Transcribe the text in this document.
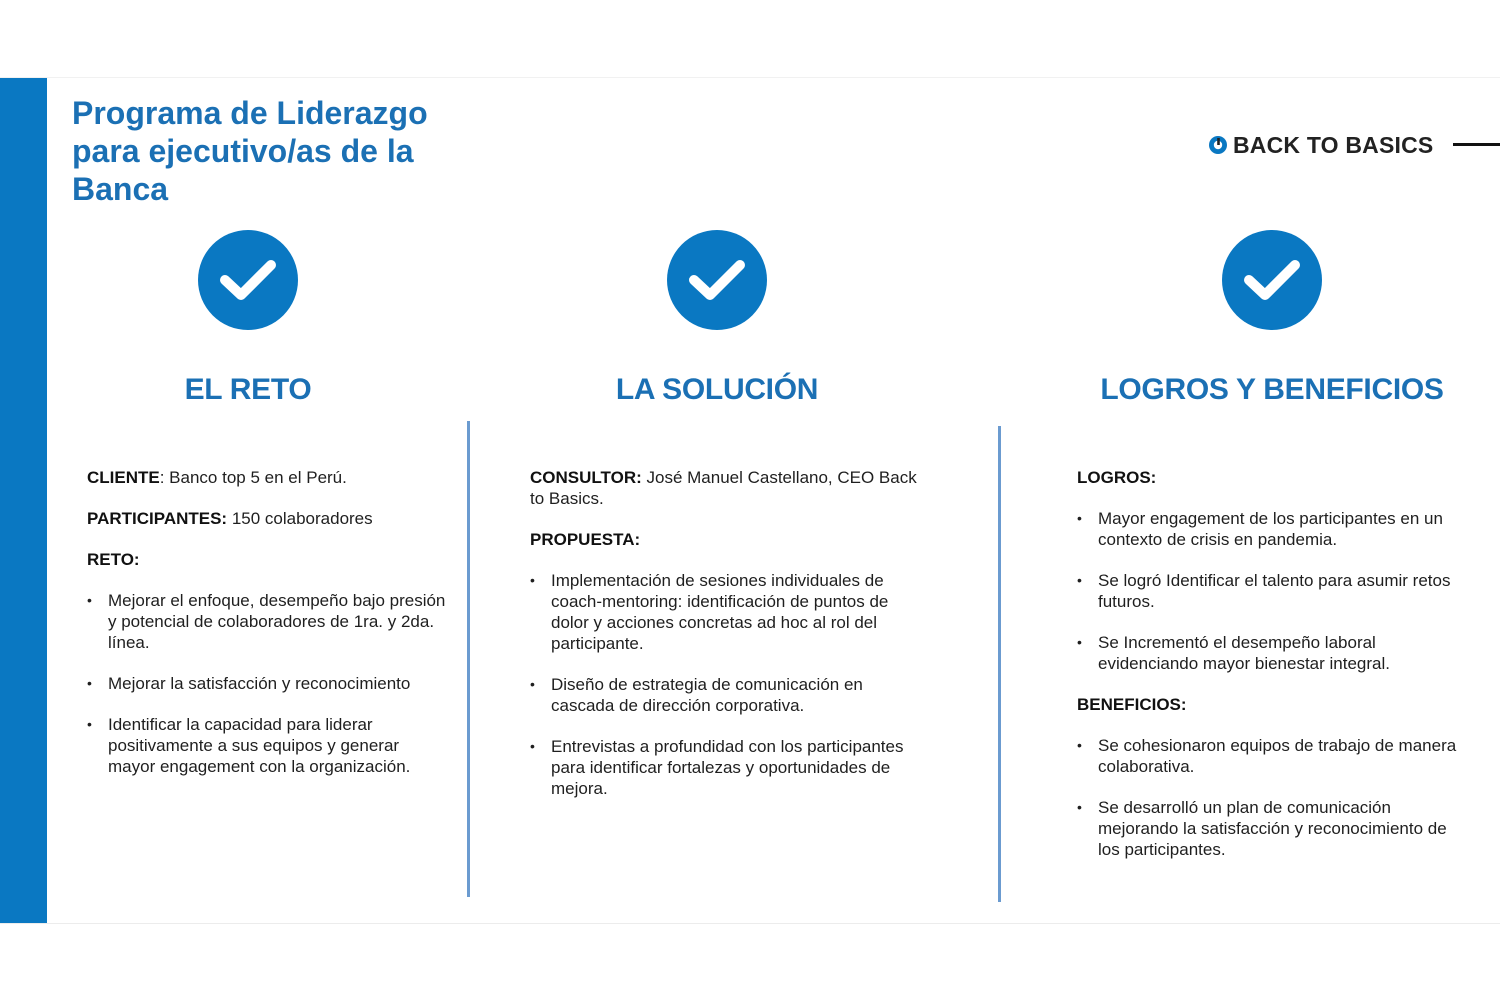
Programa de Liderazgo para ejecutivo/as de la Banca
BACK TO BASICS
EL RETO	LA SOLUCIÓN	LOGROS Y BENEFICIOS

CLIENTE: Banco top 5 en el Perú.

PARTICIPANTES: 150 colaboradores

RETO:

• Mejorar el enfoque, desempeño bajo presión y potencial de colaboradores de 1ra. y 2da. línea.
• Mejorar la satisfacción y reconocimiento
• Identificar la capacidad para liderar positivamente a sus equipos y generar mayor engagement con la organización.

CONSULTOR: José Manuel Castellano, CEO Back to Basics.

PROPUESTA:

• Implementación de sesiones individuales de coach-mentoring: identificación de puntos de dolor y acciones concretas ad hoc al rol del participante.
• Diseño de estrategia de comunicación en cascada de dirección corporativa.
• Entrevistas a profundidad con los participantes para identificar fortalezas y oportunidades de mejora.

LOGROS:

• Mayor engagement de los participantes en un contexto de crisis en pandemia.
• Se logró Identificar el talento para asumir retos futuros.
• Se Incrementó el desempeño laboral evidenciando mayor bienestar integral.

BENEFICIOS:

• Se cohesionaron equipos de trabajo de manera colaborativa.
• Se desarrolló un plan de comunicación mejorando la satisfacción y reconocimiento de los participantes.
